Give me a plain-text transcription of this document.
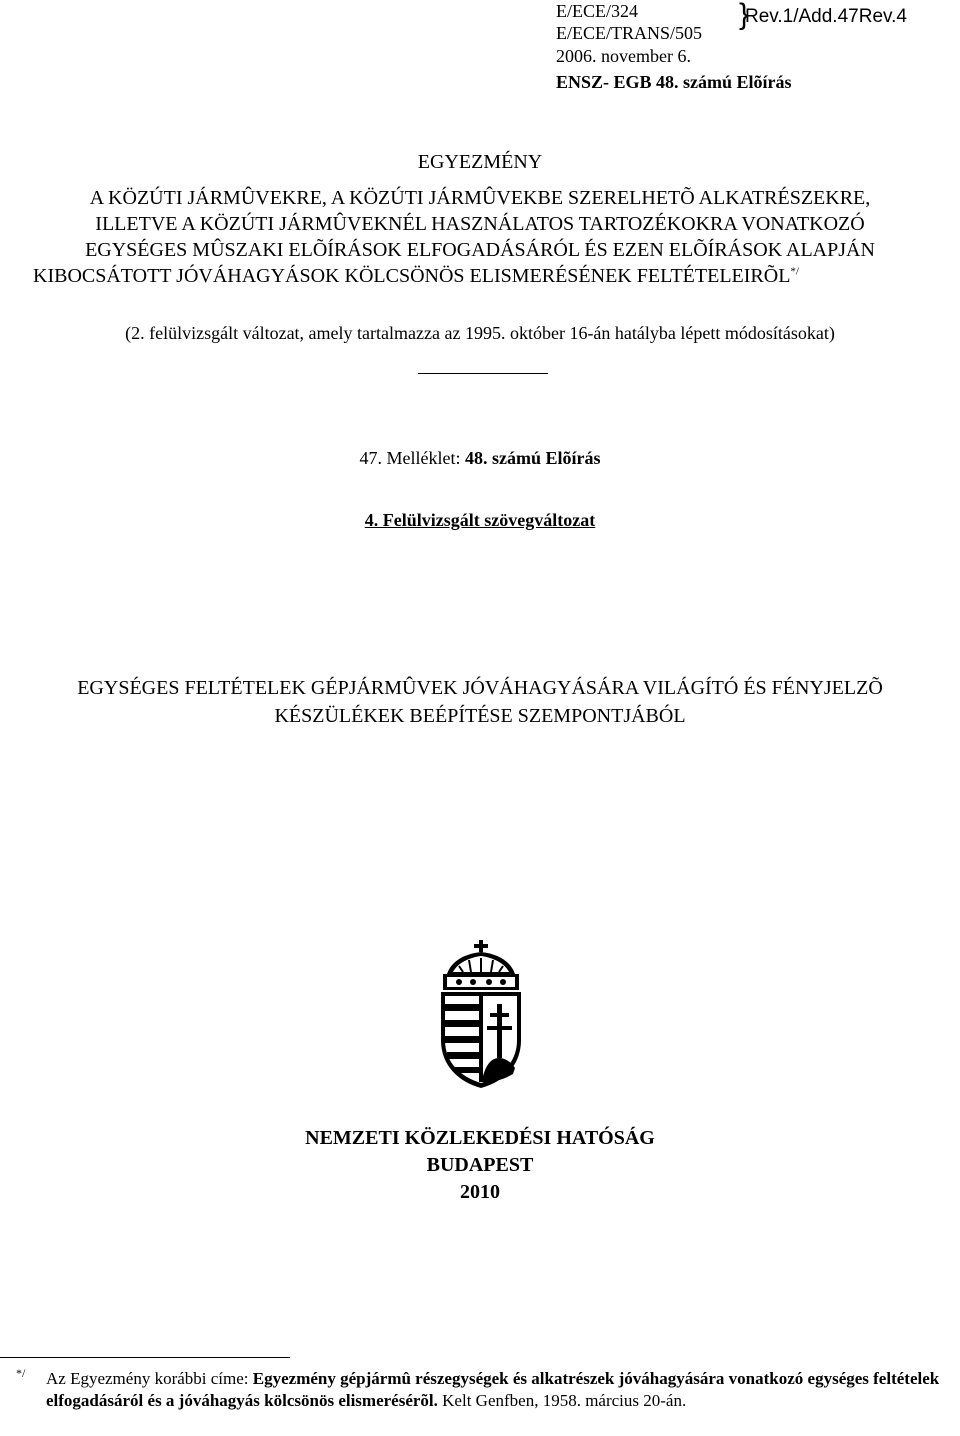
E/ECE/324
E/ECE/TRANS/505
}
Rev.1/Add.47Rev.4
2006. november 6.
ENSZ- EGB 48. számú Elõírás
EGYEZMÉNY
A KÖZÚTI JÁRMÛVEKRE, A KÖZÚTI JÁRMÛVEKBE SZERELHETÕ ALKATRÉSZEKRE,
ILLETVE A KÖZÚTI JÁRMÛVEKNÉL HASZNÁLATOS TARTOZÉKOKRA VONATKOZÓ
EGYSÉGES MÛSZAKI ELÕÍRÁSOK ELFOGADÁSÁRÓL ÉS EZEN ELÕÍRÁSOK ALAPJÁN
KIBOCSÁTOTT JÓVÁHAGYÁSOK KÖLCSÖNÖS ELISMERÉSÉNEK FELTÉTELEIRÕL*/
(2. felülvizsgált változat, amely tartalmazza az 1995. október 16-án hatályba lépett módosításokat)
47. Melléklet: 48. számú Elõírás
4. Felülvizsgált szövegváltozat
EGYSÉGES FELTÉTELEK GÉPJÁRMÛVEK JÓVÁHAGYÁSÁRA VILÁGÍTÓ ÉS FÉNYJELZÕ
KÉSZÜLÉKEK BEÉPÍTÉSE SZEMPONTJÁBÓL
NEMZETI KÖZLEKEDÉSI HATÓSÁG
BUDAPEST
2010
*/ Az Egyezmény korábbi címe: Egyezmény gépjármû részegységek és alkatrészek jóváhagyására vonatkozó egységes feltételek elfogadásáról és a jóváhagyás kölcsönös elismerésérõl. Kelt Genfben, 1958. március 20-án.
